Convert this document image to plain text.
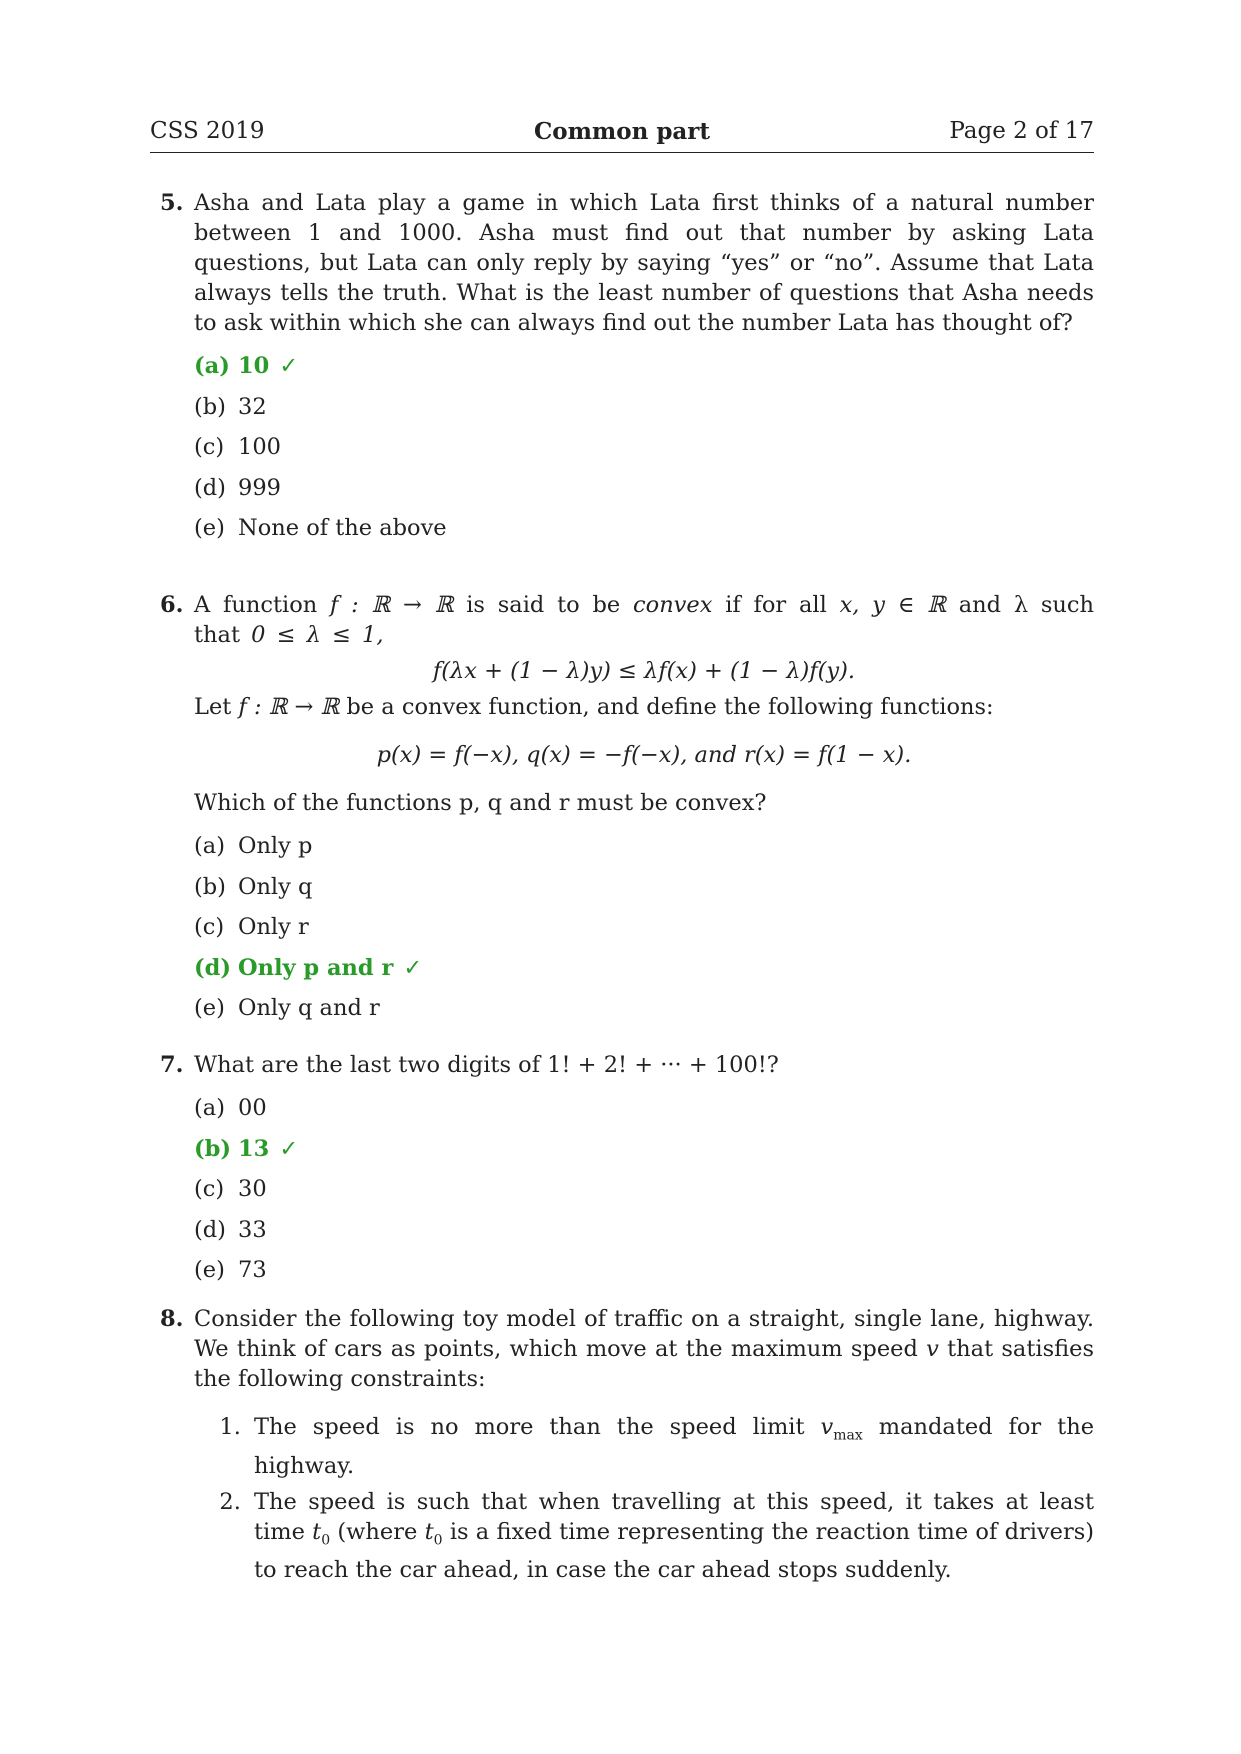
CSS 2019	Common part	Page 2 of 17
5. Asha and Lata play a game in which Lata first thinks of a natural number between 1 and 1000. Asha must find out that number by asking Lata questions, but Lata can only reply by saying “yes” or “no”. Assume that Lata always tells the truth. What is the least number of questions that Asha needs to ask within which she can always find out the number Lata has thought of?

(a) 10 ✓
(b) 32
(c) 100
(d) 999
(e) None of the above
6. A function f : ℝ → ℝ is said to be convex if for all x, y ∈ ℝ and λ such that 0 ≤ λ ≤ 1,

f(λx + (1 − λ)y) ≤ λf(x) + (1 − λ)f(y).

Let f : ℝ → ℝ be a convex function, and define the following functions:

p(x) = f(−x), q(x) = −f(−x), and r(x) = f(1 − x).

Which of the functions p, q and r must be convex?

(a) Only p
(b) Only q
(c) Only r
(d) Only p and r ✓
(e) Only q and r
7. What are the last two digits of 1! + 2! + ··· + 100!?

(a) 00
(b) 13 ✓
(c) 30
(d) 33
(e) 73
8. Consider the following toy model of traffic on a straight, single lane, highway. We think of cars as points, which move at the maximum speed v that satisfies the following constraints:

1. The speed is no more than the speed limit $v_{max}$ mandated for the highway.
2. The speed is such that when travelling at this speed, it takes at least time $t_0$ (where $t_0$ is a fixed time representing the reaction time of drivers) to reach the car ahead, in case the car ahead stops suddenly.
